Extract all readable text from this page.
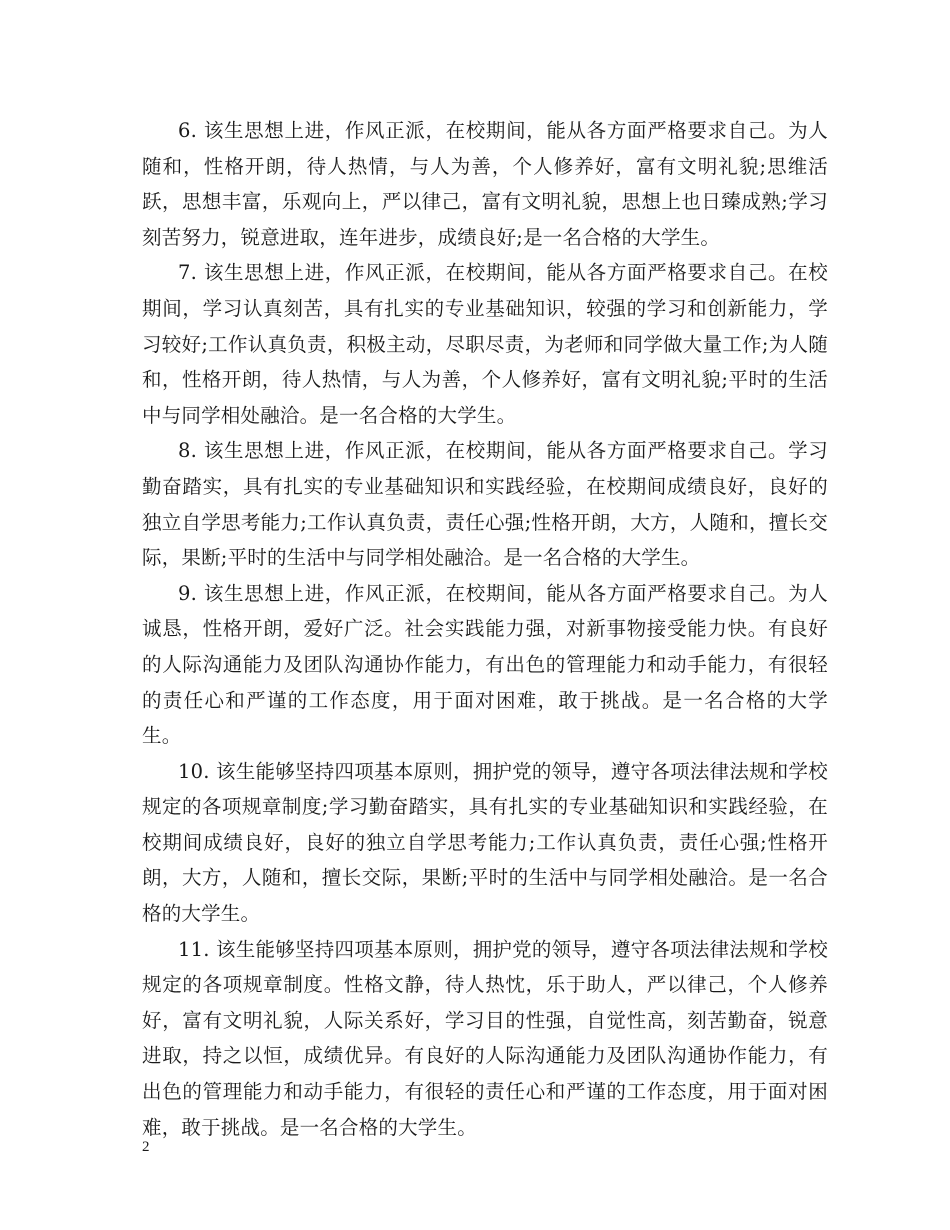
6. 该生思想上进，作风正派，在校期间，能从各方面严格要求自己。为人随和，性格开朗，待人热情，与人为善，个人修养好，富有文明礼貌;思维活跃，思想丰富，乐观向上，严以律己，富有文明礼貌，思想上也日臻成熟;学习刻苦努力，锐意进取，连年进步，成绩良好;是一名合格的大学生。

7. 该生思想上进，作风正派，在校期间，能从各方面严格要求自己。在校期间，学习认真刻苦，具有扎实的专业基础知识，较强的学习和创新能力，学习较好;工作认真负责，积极主动，尽职尽责，为老师和同学做大量工作;为人随和，性格开朗，待人热情，与人为善，个人修养好，富有文明礼貌;平时的生活中与同学相处融洽。是一名合格的大学生。

8. 该生思想上进，作风正派，在校期间，能从各方面严格要求自己。学习勤奋踏实，具有扎实的专业基础知识和实践经验，在校期间成绩良好，良好的独立自学思考能力;工作认真负责，责任心强;性格开朗，大方，人随和，擅长交际，果断;平时的生活中与同学相处融洽。是一名合格的大学生。

9. 该生思想上进，作风正派，在校期间，能从各方面严格要求自己。为人诚恳，性格开朗，爱好广泛。社会实践能力强，对新事物接受能力快。有良好的人际沟通能力及团队沟通协作能力，有出色的管理能力和动手能力，有很轻的责任心和严谨的工作态度，用于面对困难，敢于挑战。是一名合格的大学生。

10. 该生能够坚持四项基本原则，拥护党的领导，遵守各项法律法规和学校规定的各项规章制度;学习勤奋踏实，具有扎实的专业基础知识和实践经验，在校期间成绩良好，良好的独立自学思考能力;工作认真负责，责任心强;性格开朗，大方，人随和，擅长交际，果断;平时的生活中与同学相处融洽。是一名合格的大学生。

11. 该生能够坚持四项基本原则，拥护党的领导，遵守各项法律法规和学校规定的各项规章制度。性格文静，待人热忱，乐于助人，严以律己，个人修养好，富有文明礼貌，人际关系好，学习目的性强，自觉性高，刻苦勤奋，锐意进取，持之以恒，成绩优异。有良好的人际沟通能力及团队沟通协作能力，有出色的管理能力和动手能力，有很轻的责任心和严谨的工作态度，用于面对困难，敢于挑战。是一名合格的大学生。

2
